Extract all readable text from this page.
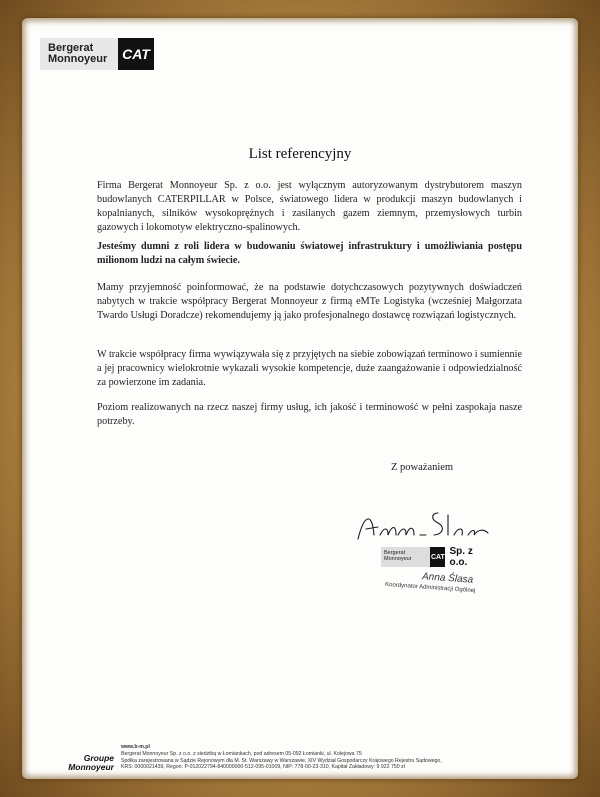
Bergerat
Monnoyeur	CAT
List referencyjny
Firma Bergerat Monnoyeur Sp. z o.o. jest wyłącznym autoryzowanym dystrybutorem maszyn budowlanych CATERPILLAR w Polsce, światowego lidera w produkcji maszyn budowlanych i kopalnianych, silników wysokoprężnych i zasilanych gazem ziemnym, przemysłowych turbin gazowych i lokomotyw elektryczno-spalinowych.
Jesteśmy dumni z roli lidera w budowaniu światowej infrastruktury i umożliwiania postępu milionom ludzi na całym świecie.
Mamy przyjemność poinformować, że na podstawie dotychczasowych pozytywnych doświadczeń nabytych w trakcie współpracy Bergerat Monnoyeur z firmą eMTe Logistyka (wcześniej Małgorzata Twardo Usługi Doradcze) rekomendujemy ją jako profesjonalnego dostawcę rozwiązań logistycznych.
W trakcie współpracy firma wywiązywała się z przyjętych na siebie zobowiązań terminowo i sumiennie a jej pracownicy wielokrotnie wykazali wysokie kompetencje, duże zaangażowanie i odpowiedzialność za powierzone im zadania.
Poziom realizowanych na rzecz naszej firmy usług, ich jakość i terminowość w pełni zaspokaja nasze potrzeby.
Z poważaniem
Bergerat
Monnoyeur	CAT Sp. z o.o.
Anna Ślasa
Koordynator Administracji Ogólnej
Groupe
Monnoyeur
www.b-m.pl
Bergerat Monnoyeur Sp. z o.o. z siedzibą w Łomiankach, pod adresem 05-092 Łomianki, ul. Kolejowa 75
Spółka zarejestrowana w Sądzie Rejonowym dla M. St. Warszawy w Warszawie, XIV Wydział Gospodarczy Krajowego Rejestru Sądowego,
KRS: 0000021439, Regon: P-012022794-840000000-512-095-01009, NIP: 778-00-23-310, Kapitał Zakładowy: 9 922 750 zł
